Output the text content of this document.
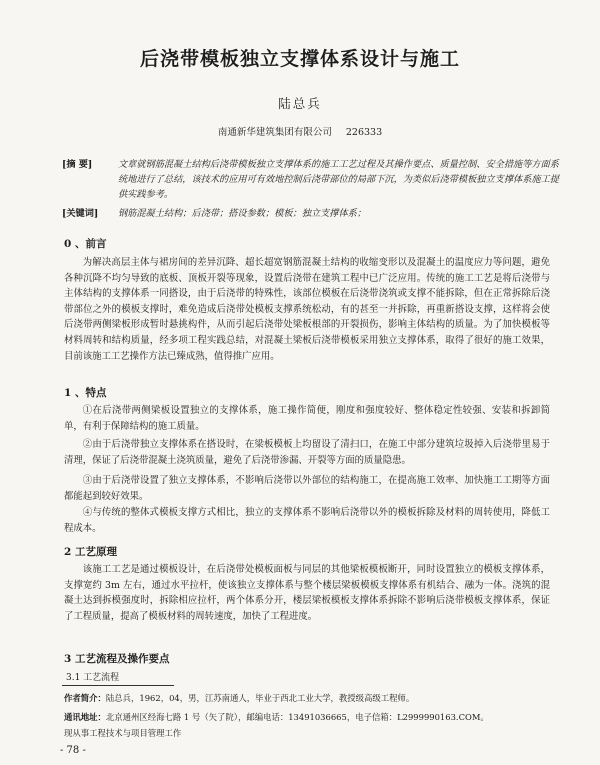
后浇带模板独立支撑体系设计与施工
陆总兵
南通新华建筑集团有限公司 226333
[摘 要]	文章就钢筋混凝土结构后浇带模板独立支撑体系的施工工艺过程及其操作要点、质量控制、安全措施等方面系统地进行了总结，该技术的应用可有效地控制后浇带部位的局部下沉，为类似后浇带模板独立支撑体系施工提供实践参考。
[关键词]	钢筋混凝土结构；后浇带；搭设参数；模板；独立支撑体系；
0 、前言
为解决高层主体与裙房间的差异沉降、超长超宽钢筋混凝土结构的收缩变形以及混凝土的温度应力等问题，避免各种沉降不均匀导致的底板、顶板开裂等现象，设置后浇带在建筑工程中已广泛应用。传统的施工工艺是将后浇带与主体结构的支撑体系一同搭设，由于后浇带的特殊性，该部位模板在后浇带浇筑或支撑不能拆除，但在正常拆除后浇带部位之外的模板支撑时，难免造成后浇带处模板支撑系统松动，有的甚至一并拆除，再重新搭设支撑，这样将会使后浇带两侧梁板形成暂时悬挑构件，从而引起后浇带处梁板根部的开裂损伤，影响主体结构的质量。为了加快模板等材料周转和结构质量，经多项工程实践总结，对混凝土梁板后浇带模板采用独立支撑体系，取得了很好的施工效果，目前该施工工艺操作方法已臻成熟，值得推广应用。
1 、特点
①在后浇带两侧梁板设置独立的支撑体系，施工操作简便，刚度和强度较好、整体稳定性较强、安装和拆卸简单，有利于保障结构的施工质量。
②由于后浇带独立支撑体系在搭设时，在梁板模板上均留设了清扫口，在施工中部分建筑垃圾掉入后浇带里易于清理，保证了后浇带混凝土浇筑质量，避免了后浇带渗漏、开裂等方面的质量隐患。
③由于后浇带设置了独立支撑体系，不影响后浇带以外部位的结构施工，在提高施工效率、加快施工工期等方面都能起到较好效果。
④与传统的整体式模板支撑方式相比，独立的支撑体系不影响后浇带以外的模板拆除及材料的周转使用，降低工程成本。
2 工艺原理
该施工工艺是通过模板设计，在后浇带处模板面板与同层的其他梁板模板断开，同时设置独立的模板支撑体系，支撑宽约 3m 左右，通过水平拉杆，使该独立支撑体系与整个楼层梁板模板支撑体系有机结合、融为一体。浇筑的混凝土达到拆模强度时，拆除相应拉杆，两个体系分开，楼层梁板模板支撑体系拆除不影响后浇带模板支撑体系，保证了工程质量，提高了模板材料的周转速度，加快了工程进度。
3 工艺流程及操作要点
3.1 工艺流程
作者简介：陆总兵，1962，04，男，江苏南通人，毕业于西北工业大学，教授级高级工程师。
通讯地址：北京通州区经海七路 1 号（矢了院），邮编电话：13491036665，电子信箱：L2999990163.COM。
现从事工程技术与项目管理工作
- 78 -
